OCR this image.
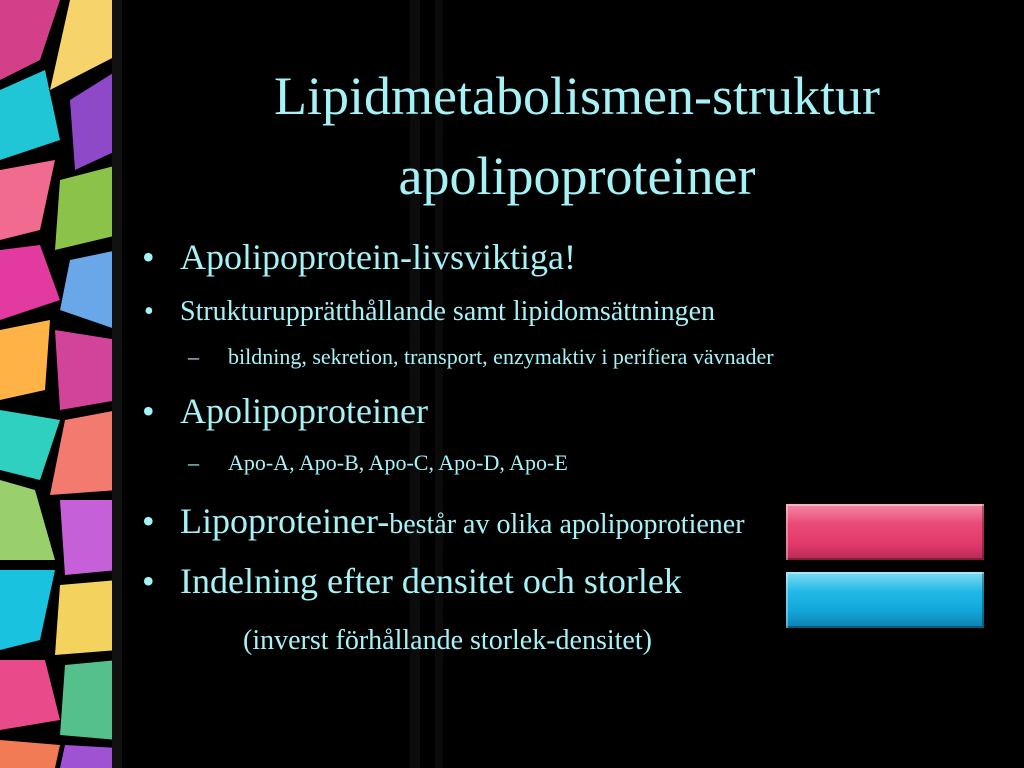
Lipidmetabolismen-struktur
apolipoproteiner
• Apolipoprotein-livsviktiga!
• Strukturupprätthållande samt lipidomsättningen
– bildning, sekretion, transport, enzymaktiv i perifiera vävnader
• Apolipoproteiner
– Apo-A, Apo-B, Apo-C, Apo-D, Apo-E
• Lipoproteiner-består av olika apolipoprotiener
• Indelning efter densitet och storlek
(inverst förhållande storlek-densitet)
